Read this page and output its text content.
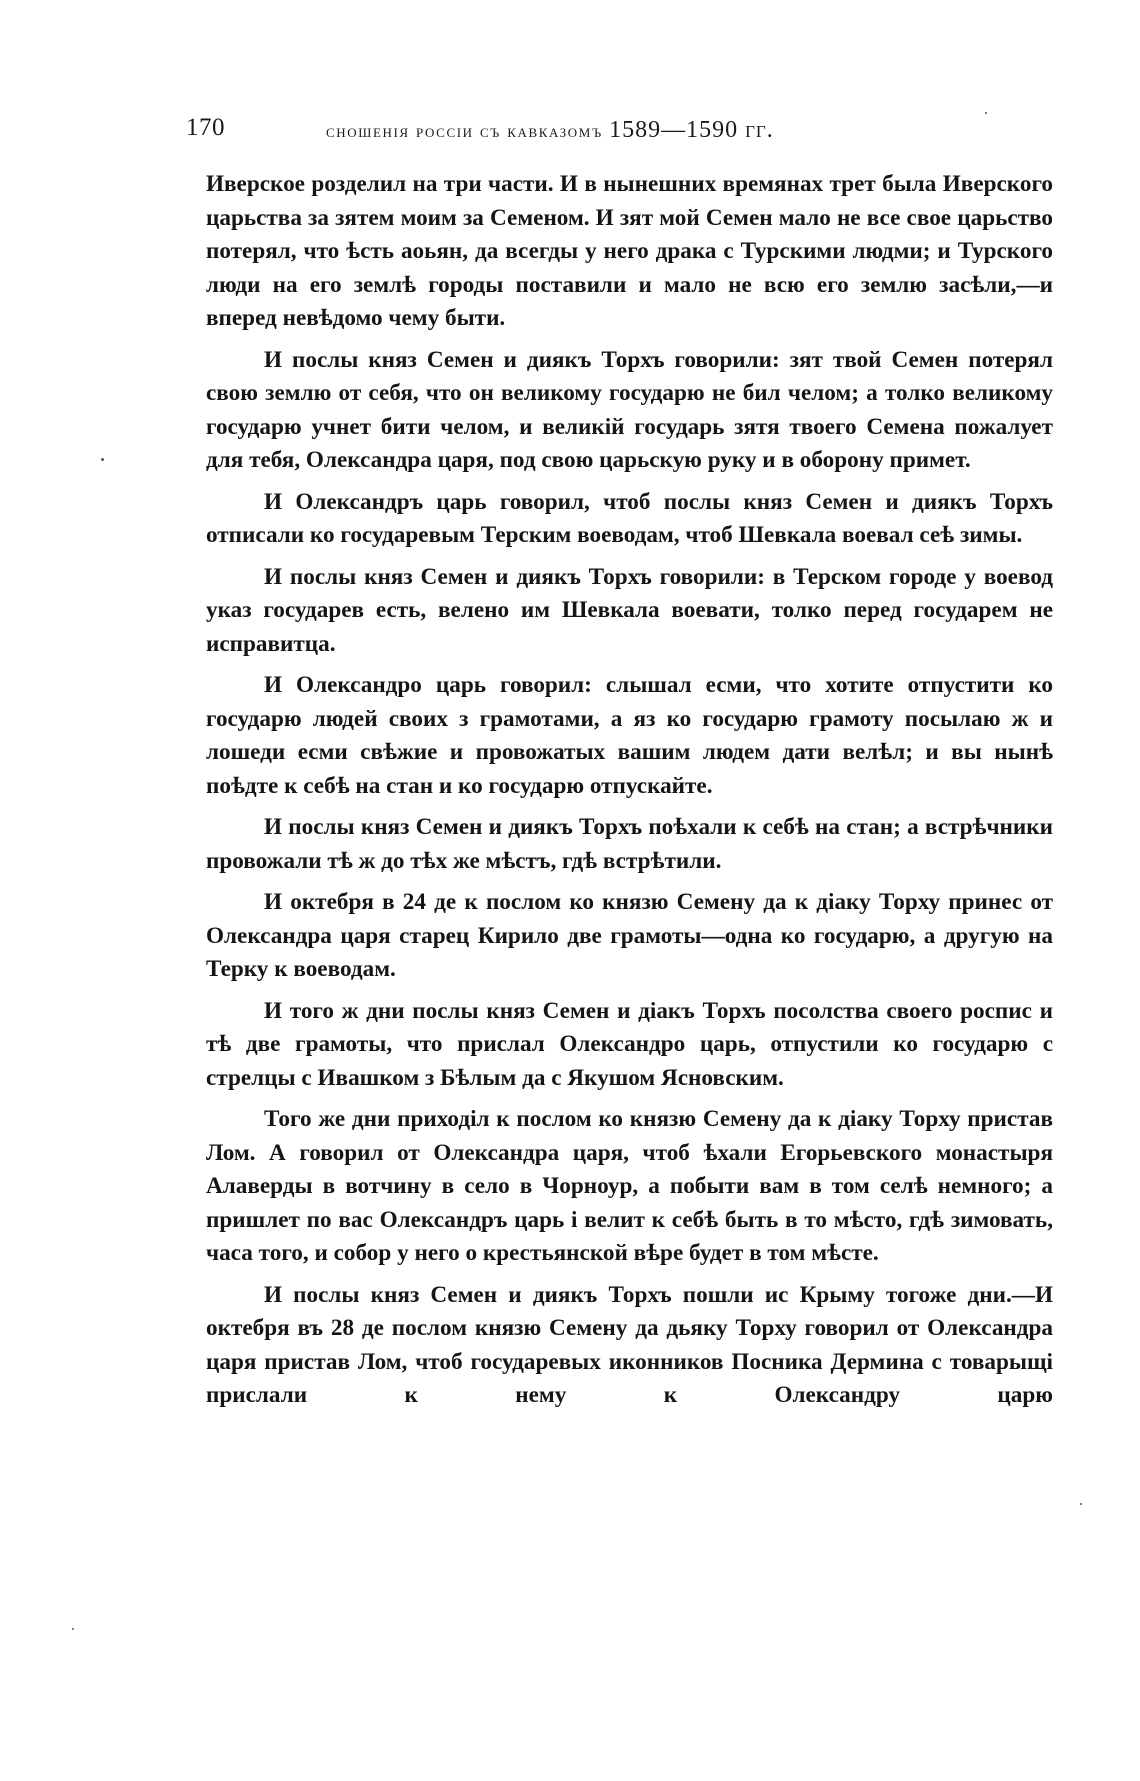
170	сношенія россіи съ кавказомъ 1589—1590 гг.

Иверское розделил на три части. И в нынешних времянах трет была Иверского царьства за зятем моим за Семеном. И зят мой Семен мало не все свое царьство потерял, что ѣсть аоьян, да всегды у него драка с Турскими людми; и Турского люди на его землѣ городы поставили и мало не всю его землю засѣли,—и вперед невѣдомо чему быти.

И послы княз Семен и диякъ Торхъ говорили: зят твой Семен потерял свою землю от себя, что он великому государю не бил челом; а толко великому государю учнет бити челом, и великій государь зятя твоего Семена пожалует для тебя, Олександра царя, под свою царьскую руку и в оборону примет.

И Олександръ царь говорил, чтоб послы княз Семен и диякъ Торхъ отписали ко государевым Терским воеводам, чтоб Шевкала воевал сеѣ зимы.

И послы княз Семен и диякъ Торхъ говорили: в Терском городе у воевод указ государев есть, велено им Шевкала воевати, толко перед государем не исправитца.

И Олександро царь говорил: слышал есми, что хотите отпустити ко государю людей своих з грамотами, а яз ко государю грамоту посылаю ж и лошеди есми свѣжие и провожатых вашим людем дати велѣл; и вы нынѣ поѣдте к себѣ на стан и ко государю отпускайте.

И послы княз Семен и диякъ Торхъ поѣхали к себѣ на стан; а встрѣчники провожали тѣ ж до тѣх же мѣстъ, гдѣ встрѣтили.

И октебря в 24 де к послом ко князю Семену да к діаку Торху принес от Олександра царя старец Кирило две грамоты—одна ко государю, а другую на Терку к воеводам.

И того ж дни послы княз Семен и діакъ Торхъ посолства своего роспис и тѣ две грамоты, что прислал Олександро царь, отпустили ко государю с стрелцы с Ивашком з Бѣлым да с Якушом Ясновским.

Того же дни приходіл к послом ко князю Семену да к діаку Торху пристав Лом. А говорил от Олександра царя, чтоб ѣхали Егорьевского монастыря Алаверды в вотчину в село в Чорноур, а побыти вам в том селѣ немного; а пришлет по вас Олександръ царь і велит к себѣ быть в то мѣсто, гдѣ зимовать, часа того, и собор у него о крестьянской вѣре будет в том мѣсте.

И послы княз Семен и диякъ Торхъ пошли ис Крыму тогоже дни.—И октебря въ 28 де послом князю Семену да дьяку Торху говорил от Олександра царя пристав Лом, чтоб государевых иконников Посника Дермина с товарыщі прислали к нему к Олександру царю
